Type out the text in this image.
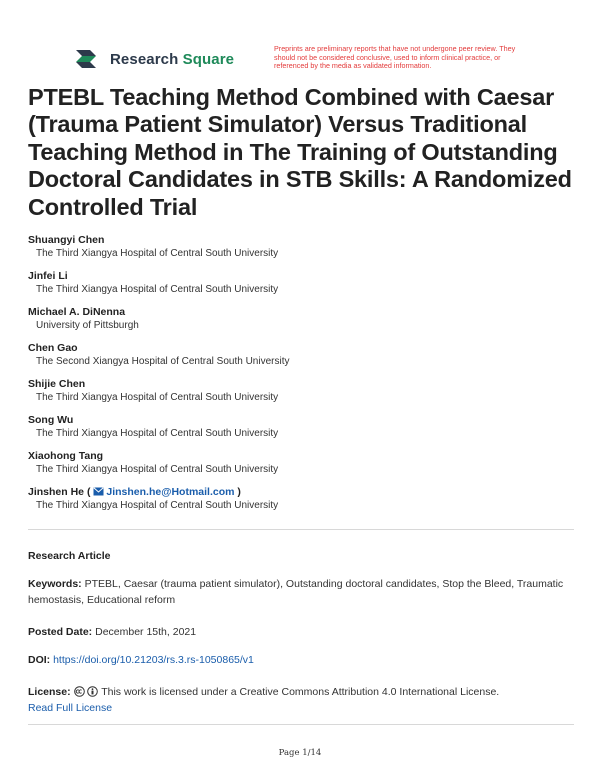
Research Square
Preprints are preliminary reports that have not undergone peer review. They should not be considered conclusive, used to inform clinical practice, or referenced by the media as validated information.
PTEBL Teaching Method Combined with Caesar (Trauma Patient Simulator) Versus Traditional Teaching Method in The Training of Outstanding Doctoral Candidates in STB Skills: A Randomized Controlled Trial
Shuangyi Chen
The Third Xiangya Hospital of Central South University
Jinfei Li
The Third Xiangya Hospital of Central South University
Michael A. DiNenna
University of Pittsburgh
Chen Gao
The Second Xiangya Hospital of Central South University
Shijie Chen
The Third Xiangya Hospital of Central South University
Song Wu
The Third Xiangya Hospital of Central South University
Xiaohong Tang
The Third Xiangya Hospital of Central South University
Jinshen He ( Jinshen.he@Hotmail.com )
The Third Xiangya Hospital of Central South University
Research Article
Keywords: PTEBL, Caesar (trauma patient simulator), Outstanding doctoral candidates, Stop the Bleed, Traumatic hemostasis, Educational reform
Posted Date: December 15th, 2021
DOI: https://doi.org/10.21203/rs.3.rs-1050865/v1
License:	This work is licensed under a Creative Commons Attribution 4.0 International License.
Read Full License
Page 1/14
